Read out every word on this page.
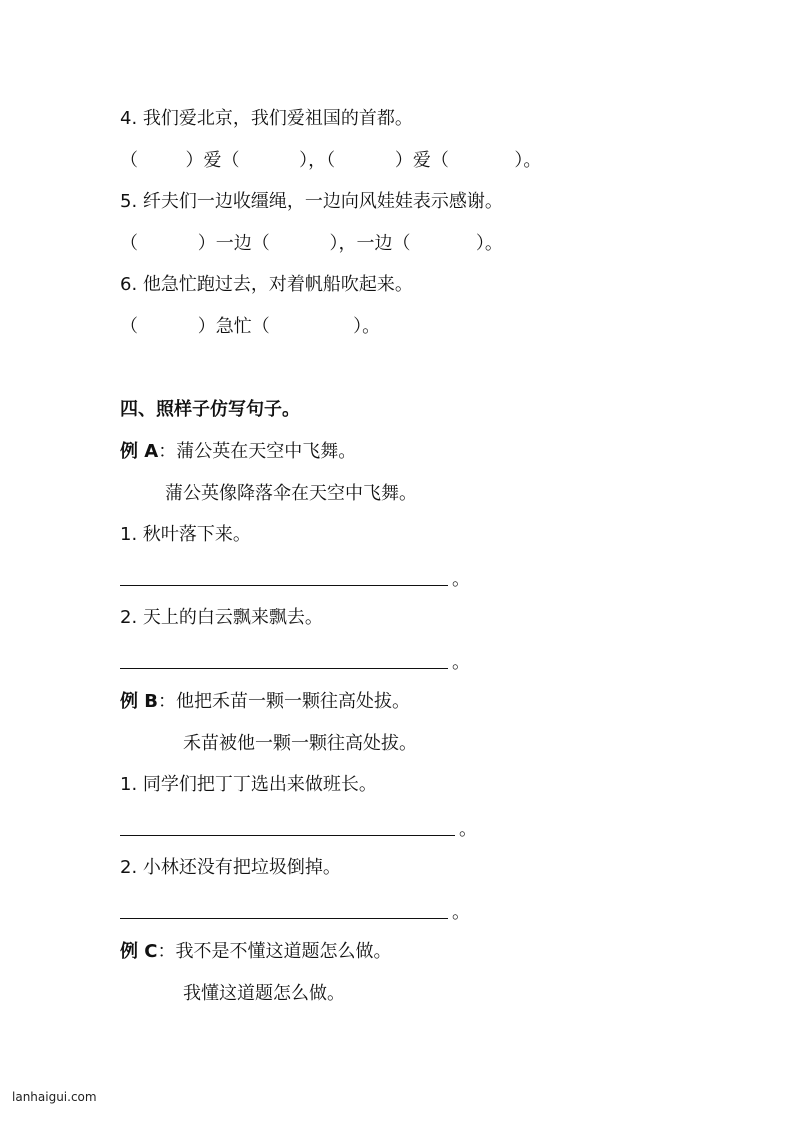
4. 我们爱北京，我们爱祖国的首都。
（　　  ）爱（　　　 ），（　　　 ）爱（　　　  ）。
5. 纤夫们一边收缰绳，一边向风娃娃表示感谢。
（　　　 ）一边（　　　 ），一边（　　　  ）。
6. 他急忙跑过去，对着帆船吹起来。
（　　　 ）急忙（　　　　  ）。
四、照样子仿写句子。
例 A：蒲公英在天空中飞舞。
蒲公英像降落伞在天空中飞舞。
1. 秋叶落下来。
。
2. 天上的白云飘来飘去。
。
例 B：他把禾苗一颗一颗往高处拔。
禾苗被他一颗一颗往高处拔。
1. 同学们把丁丁选出来做班长。
。
2. 小林还没有把垃圾倒掉。
。
例 C：我不是不懂这道题怎么做。
我懂这道题怎么做。
lanhaigui.com
